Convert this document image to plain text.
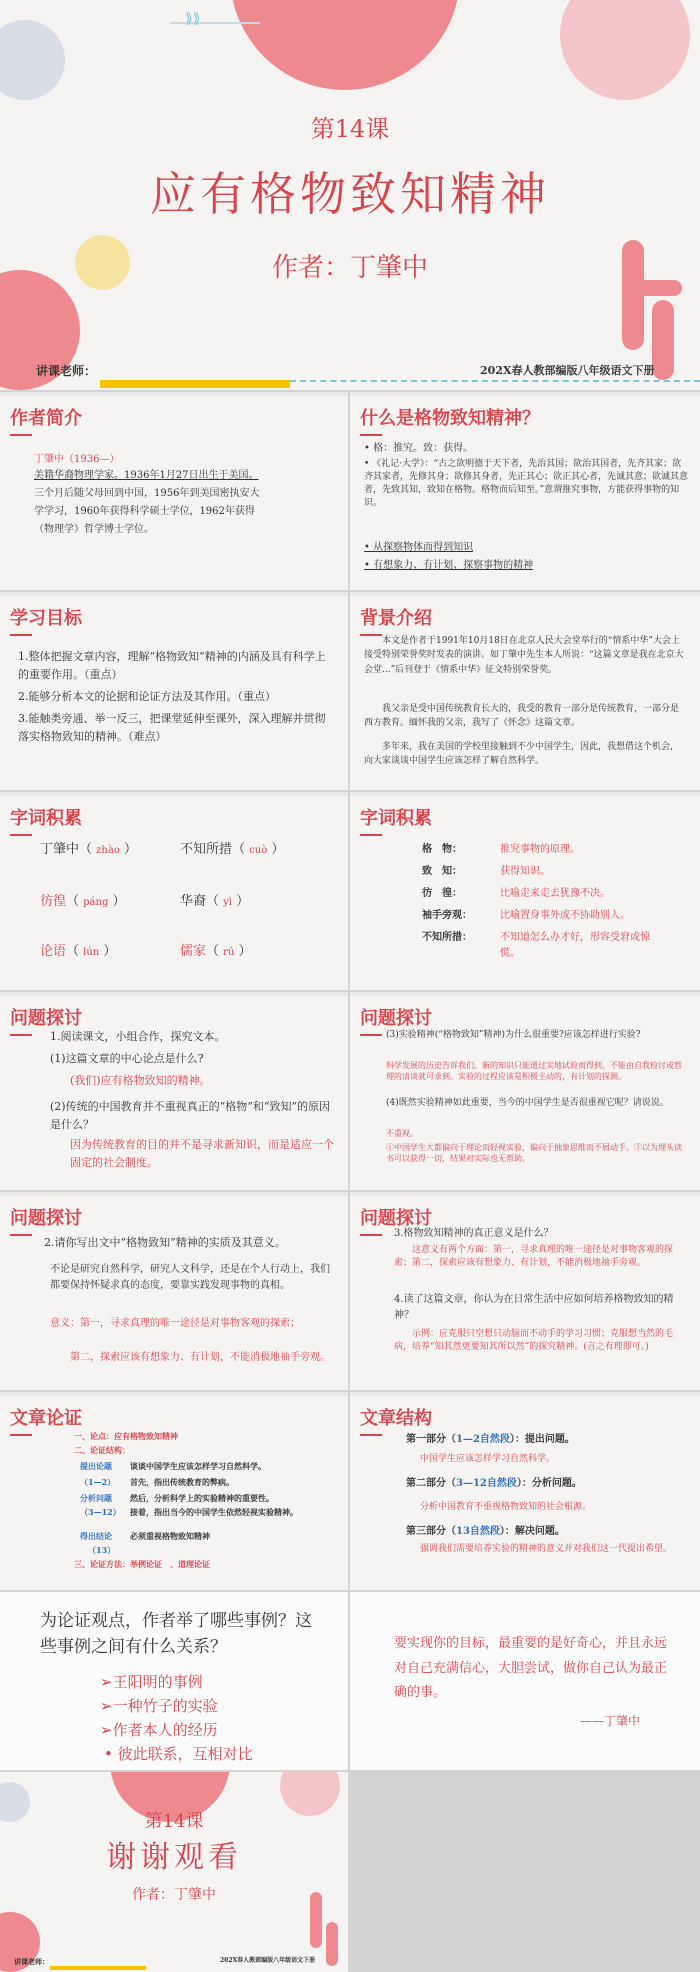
⟫⟫
第14课
应有格物致知精神
作者：丁肇中
讲课老师：	202X春人教部编版八年级语文下册
作者简介
丁肇中（1936—）
美籍华裔物理学家。1936年1月27日出生于美国。
三个月后随父母回到中国，1956年到美国密执安大
学学习，1960年获得科学硕士学位，1962年获得
（物理学）哲学博士学位。
什么是格物致知精神？
• 格：推究。致：获得。
• 《礼记·大学》：“古之欲明德于天下者，先治其国；欲治其国者，先齐其家；欲齐其家者，先修其身；欲修其身者，先正其心；欲正其心者，先诚其意；欲诚其意者，先致其知，致知在格物。格物而后知至。”意谓推究事物，方能获得事物的知识。
• 从探察物体而得到知识
• 有想象力、有计划、探察事物的精神
学习目标
1.整体把握文章内容，理解“格物致知”精神的内涵及具有科学上的重要作用。（重点）
2.能够分析本文的论据和论证方法及其作用。（重点）
3.能触类旁通、举一反三，把课堂延伸至课外，深入理解并贯彻落实格物致知的精神。（难点）
背景介绍
本文是作者于1991年10月18日在北京人民大会堂举行的“情系中华”大会上接受特别荣誉奖时发表的演讲。如丁肇中先生本人所说：“这篇文章是我在北京大会堂...”后刊登于《情系中华》征文特别荣誉奖。
我父亲是受中国传统教育长大的，我受的教育一部分是传统教育，一部分是西方教育。缅怀我的父亲，我写了《怀念》这篇文章。
多年来，我在美国的学校里接触到不少中国学生，因此，我想借这个机会，向大家谈谈中国学生应该怎样了解自然科学。
字词积累
丁肇中（ zhào ）	不知所措（ cuò ）
彷徨（ páng ）	华裔（ yì ）
论语（ lún ）	儒家（ rú ）
字词积累
格　物：	推究事物的原理。
致　知：	获得知识。
彷　徨：	比喻走来走去犹豫不决。
袖手旁观：	比喻置身事外或不协助别人。
不知所措：	不知道怎么办才好，形容受窘或惊慌。
问题探讨
1.阅读课文，小组合作，探究文本。
(1)这篇文章的中心论点是什么?
(我们)应有格物致知的精神。
(2)传统的中国教育并不重视真正的“格物”和“致知”的原因是什么？
因为传统教育的目的并不是寻求新知识，而是适应一个固定的社会制度。
问题探讨
(3)实验精神(“格物致知”精神)为什么很重要?应该怎样进行实验?
科学发展的历史告诉我们，新的知识只能通过实地试验而得到，不能由自我检讨或哲理的清谈就可求到。实验的过程应该是积极主动的，有计划的探测。
(4)既然实验精神如此重要，当今的中国学生是否很重视它呢？请说说。
不重视。
①中国学生大都偏向于理论而轻视实验，偏向于抽象思维而不屑动手。②以为埋头读书可以获得一切，结果对实际也无帮助。
问题探讨
2.请你写出文中“格物致知”精神的实质及其意义。
不论是研究自然科学，研究人文科学，还是在个人行动上，我们都要保持怀疑求真的态度，要靠实践发现事物的真相。
意义：第一，寻求真理的唯一途径是对事物客观的探索；
第二，探索应该有想象力、有计划，不能消极地袖手旁观。
问题探讨
3.格物致知精神的真正意义是什么？
这意义有两个方面：第一，寻求真理的唯一途径是对事物客观的探索；第二，探索应该有想象力、有计划，不能消极地袖手旁观。
4.读了这篇文章，你认为在日常生活中应如何培养格物致知的精神？
示例：应克服只空想只动脑而不动手的学习习惯；克服想当然的毛病，培养“知其然更要知其所以然”的探究精神。(言之有理即可。)
文章论证
一、论点：应有格物致知精神
二、论证结构：
提出论题 谈谈中国学生应该怎样学习自然科学。
（1—2） 首先，指出传统教育的弊病。
分析问题 然后，分析科学上的实验精神的重要性。
（3—12） 接着，指出当今的中国学生依然轻视实验精神。
得出结论 必须重视格物致知精神
（13）
三、论证方法：举例论证　、道理论证
文章结构
第一部分（1—2自然段）：提出问题。
中国学生应该怎样学习自然科学。
第二部分（3—12自然段）：分析问题。
分析中国教育不重视格物致知的社会根源。
第三部分（13自然段）：解决问题。
强调我们需要培养实验的精神的意义并对我们这一代提出希望。
为论证观点，作者举了哪些事例？这些事例之间有什么关系？
➢王阳明的事例
➢一种竹子的实验
➢作者本人的经历
• 彼此联系，互相对比
要实现你的目标，最重要的是好奇心，并且永远对自己充满信心，大胆尝试，做你自己认为最正确的事。
——丁肇中
第14课
谢谢观看
作者：丁肇中
讲课老师：	202X春人教部编版八年级语文下册
